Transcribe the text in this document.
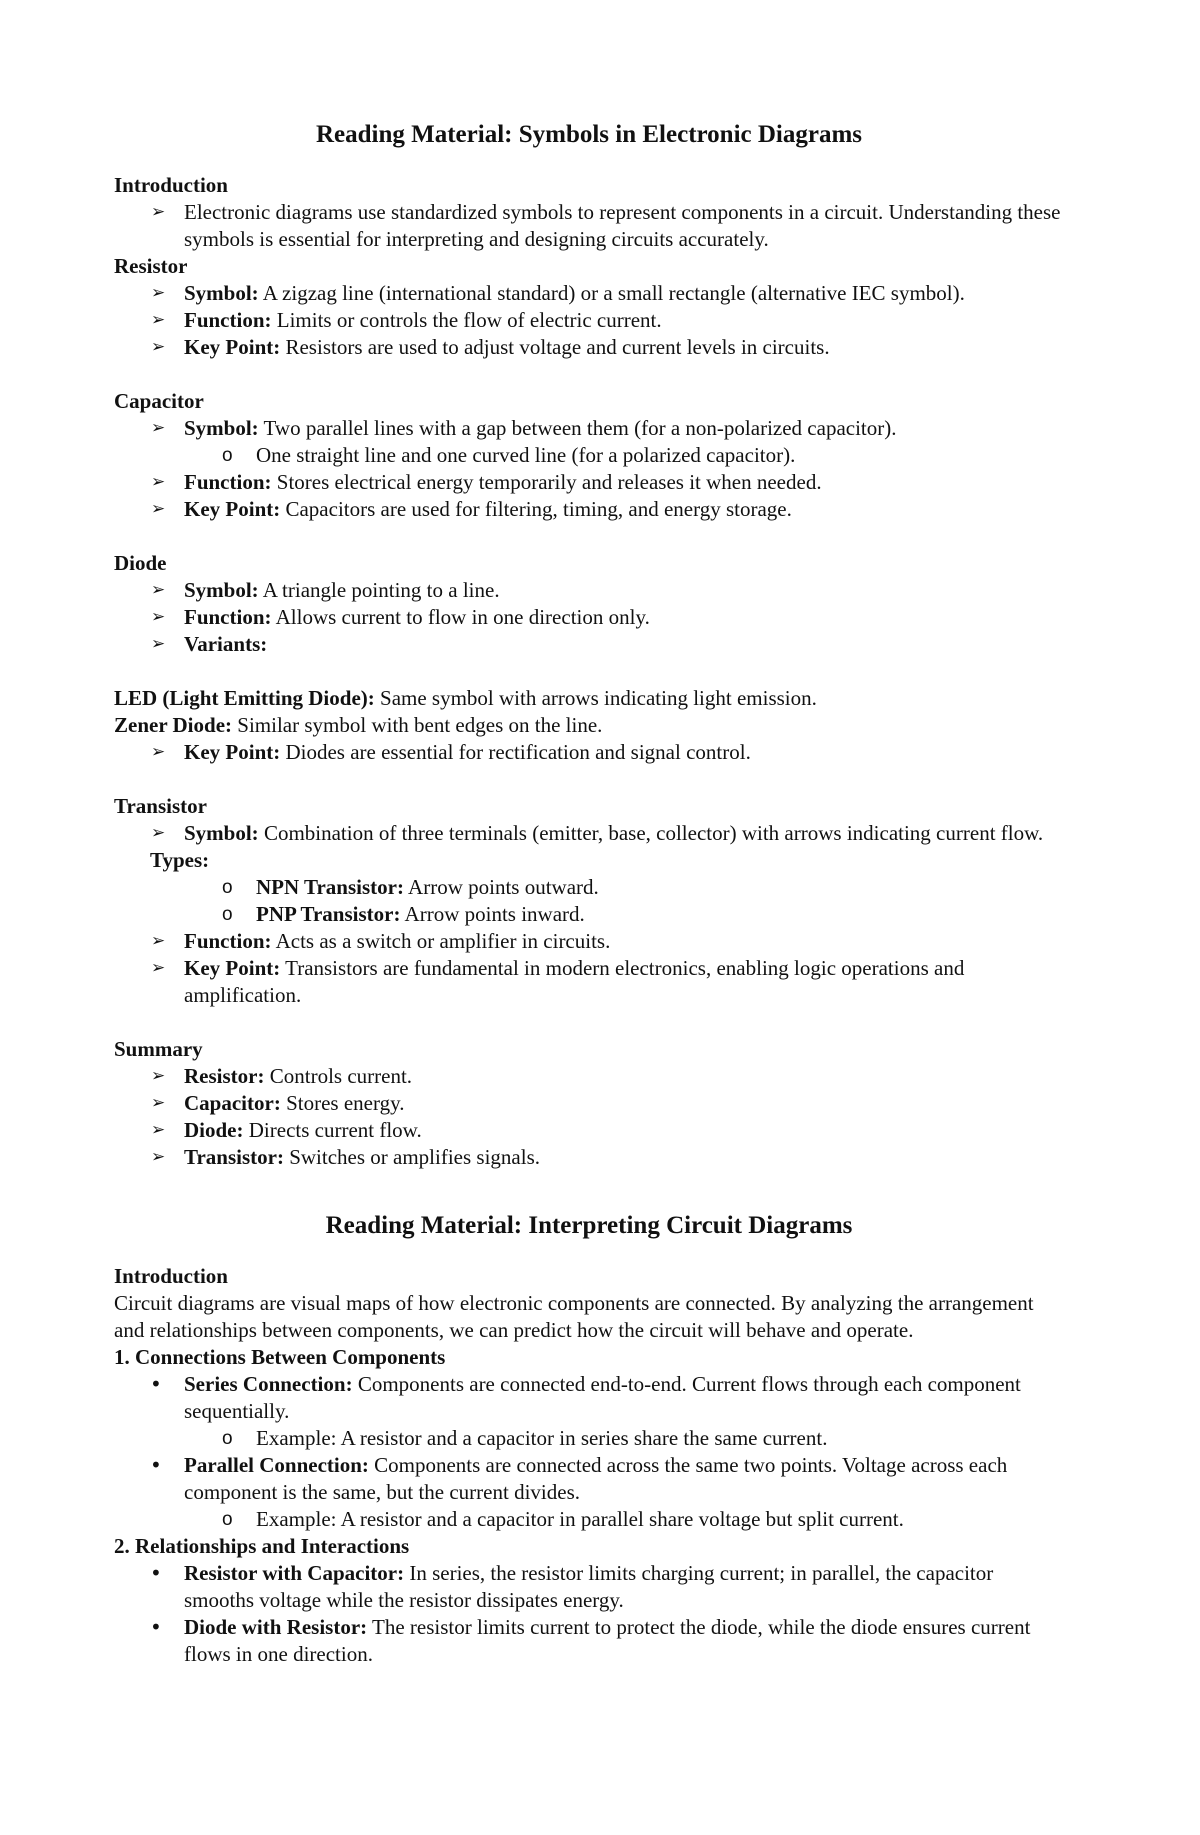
Reading Material: Symbols in Electronic Diagrams
Introduction
➢ Electronic diagrams use standardized symbols to represent components in a circuit. Understanding these symbols is essential for interpreting and designing circuits accurately.
Resistor
➢ Symbol: A zigzag line (international standard) or a small rectangle (alternative IEC symbol).
➢ Function: Limits or controls the flow of electric current.
➢ Key Point: Resistors are used to adjust voltage and current levels in circuits.
Capacitor
➢ Symbol: Two parallel lines with a gap between them (for a non-polarized capacitor).
o One straight line and one curved line (for a polarized capacitor).
➢ Function: Stores electrical energy temporarily and releases it when needed.
➢ Key Point: Capacitors are used for filtering, timing, and energy storage.
Diode
➢ Symbol: A triangle pointing to a line.
➢ Function: Allows current to flow in one direction only.
➢ Variants:
LED (Light Emitting Diode): Same symbol with arrows indicating light emission.
Zener Diode: Similar symbol with bent edges on the line.
➢ Key Point: Diodes are essential for rectification and signal control.
Transistor
➢ Symbol: Combination of three terminals (emitter, base, collector) with arrows indicating current flow.
Types:
o NPN Transistor: Arrow points outward.
o PNP Transistor: Arrow points inward.
➢ Function: Acts as a switch or amplifier in circuits.
➢ Key Point: Transistors are fundamental in modern electronics, enabling logic operations and amplification.
Summary
➢ Resistor: Controls current.
➢ Capacitor: Stores energy.
➢ Diode: Directs current flow.
➢ Transistor: Switches or amplifies signals.
Reading Material: Interpreting Circuit Diagrams
Introduction
Circuit diagrams are visual maps of how electronic components are connected. By analyzing the arrangement and relationships between components, we can predict how the circuit will behave and operate.
1. Connections Between Components
• Series Connection: Components are connected end-to-end. Current flows through each component sequentially.
o Example: A resistor and a capacitor in series share the same current.
• Parallel Connection: Components are connected across the same two points. Voltage across each component is the same, but the current divides.
o Example: A resistor and a capacitor in parallel share voltage but split current.
2. Relationships and Interactions
• Resistor with Capacitor: In series, the resistor limits charging current; in parallel, the capacitor smooths voltage while the resistor dissipates energy.
• Diode with Resistor: The resistor limits current to protect the diode, while the diode ensures current flows in one direction.
